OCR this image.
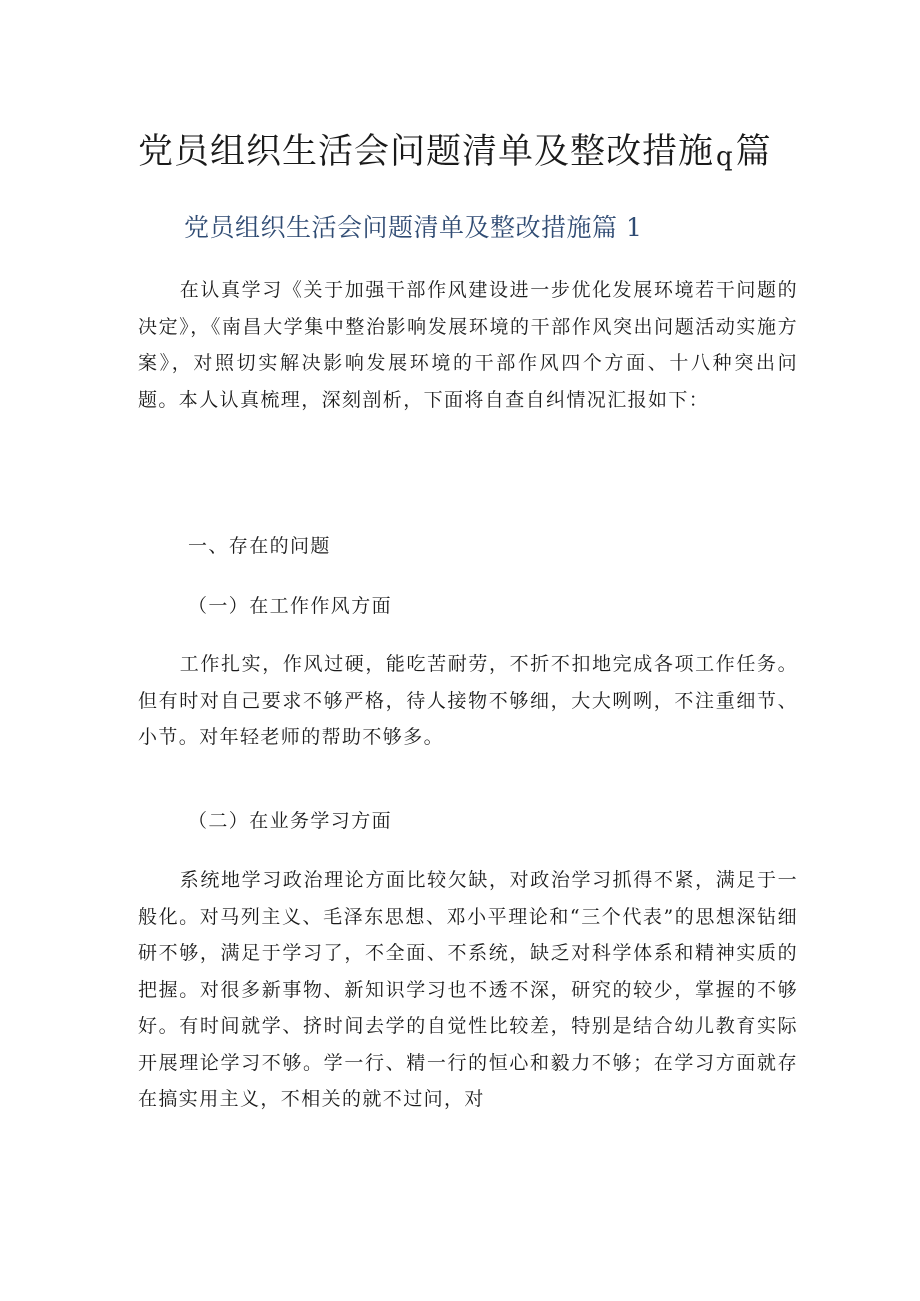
党员组织生活会问题清单及整改措施q篇
党员组织生活会问题清单及整改措施篇 1

在认真学习《关于加强干部作风建设进一步优化发展环境若干问题的决定》，《南昌大学集中整治影响发展环境的干部作风突出问题活动实施方案》，对照切实解决影响发展环境的干部作风四个方面、十八种突出问题。本人认真梳理，深刻剖析，下面将自查自纠情况汇报如下：

一、存在的问题
（一）在工作作风方面

工作扎实，作风过硬，能吃苦耐劳，不折不扣地完成各项工作任务。但有时对自己要求不够严格，待人接物不够细，大大咧咧，不注重细节、小节。对年轻老师的帮助不够多。

（二）在业务学习方面

系统地学习政治理论方面比较欠缺，对政治学习抓得不紧，满足于一般化。对马列主义、毛泽东思想、邓小平理论和“三个代表”的思想深钻细研不够，满足于学习了，不全面、不系统，缺乏对科学体系和精神实质的把握。对很多新事物、新知识学习也不透不深，研究的较少，掌握的不够好。有时间就学、挤时间去学的自觉性比较差，特别是结合幼儿教育实际开展理论学习不够。学一行、精一行的恒心和毅力不够；在学习方面就存在搞实用主义，不相关的就不过问，对
